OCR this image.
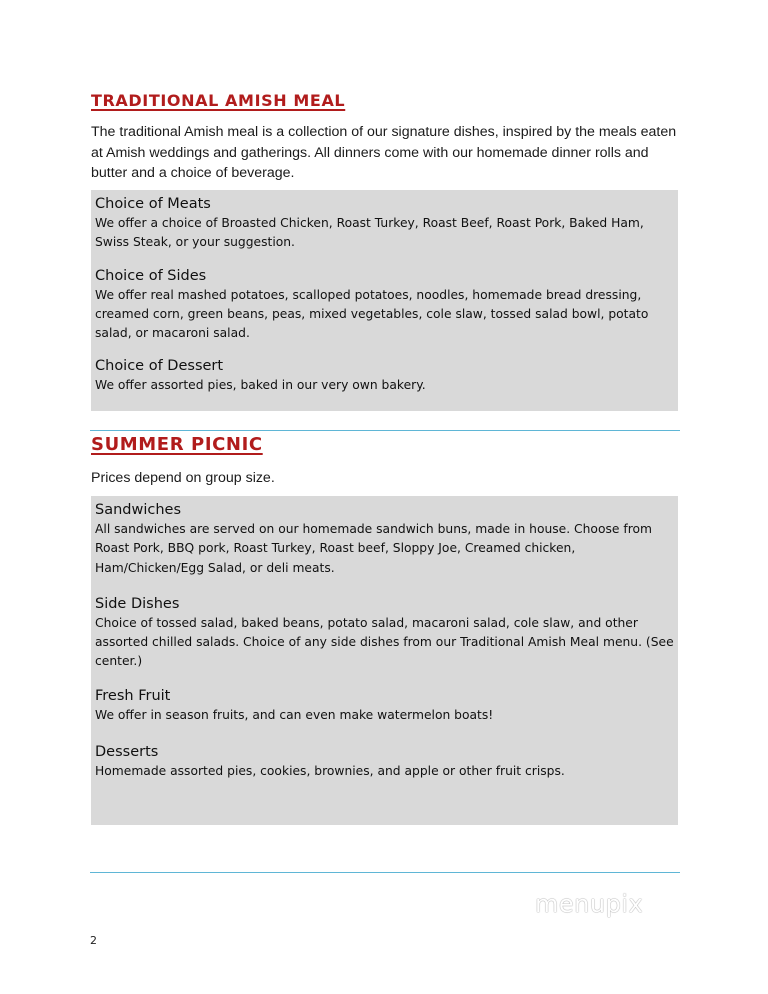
TRADITIONAL AMISH MEAL

The traditional Amish meal is a collection of our signature dishes, inspired by the meals eaten at Amish weddings and gatherings. All dinners come with our homemade dinner rolls and butter and a choice of beverage.

Choice of Meats

We offer a choice of Broasted Chicken, Roast Turkey, Roast Beef, Roast Pork, Baked Ham, Swiss Steak, or your suggestion.

Choice of Sides

We offer real mashed potatoes, scalloped potatoes, noodles, homemade bread dressing, creamed corn, green beans, peas, mixed vegetables, cole slaw, tossed salad bowl, potato salad, or macaroni salad.

Choice of Dessert

We offer assorted pies, baked in our very own bakery.

SUMMER PICNIC

Prices depend on group size.

Sandwiches

All sandwiches are served on our homemade sandwich buns, made in house. Choose from Roast Pork, BBQ pork, Roast Turkey, Roast beef, Sloppy Joe, Creamed chicken, Ham/Chicken/Egg Salad, or deli meats.

Side Dishes

Choice of tossed salad, baked beans, potato salad, macaroni salad, cole slaw, and other assorted chilled salads. Choice of any side dishes from our Traditional Amish Meal menu. (See center.)

Fresh Fruit

We offer in season fruits, and can even make watermelon boats!

Desserts

Homemade assorted pies, cookies, brownies, and apple or other fruit crisps.

menupix
2
